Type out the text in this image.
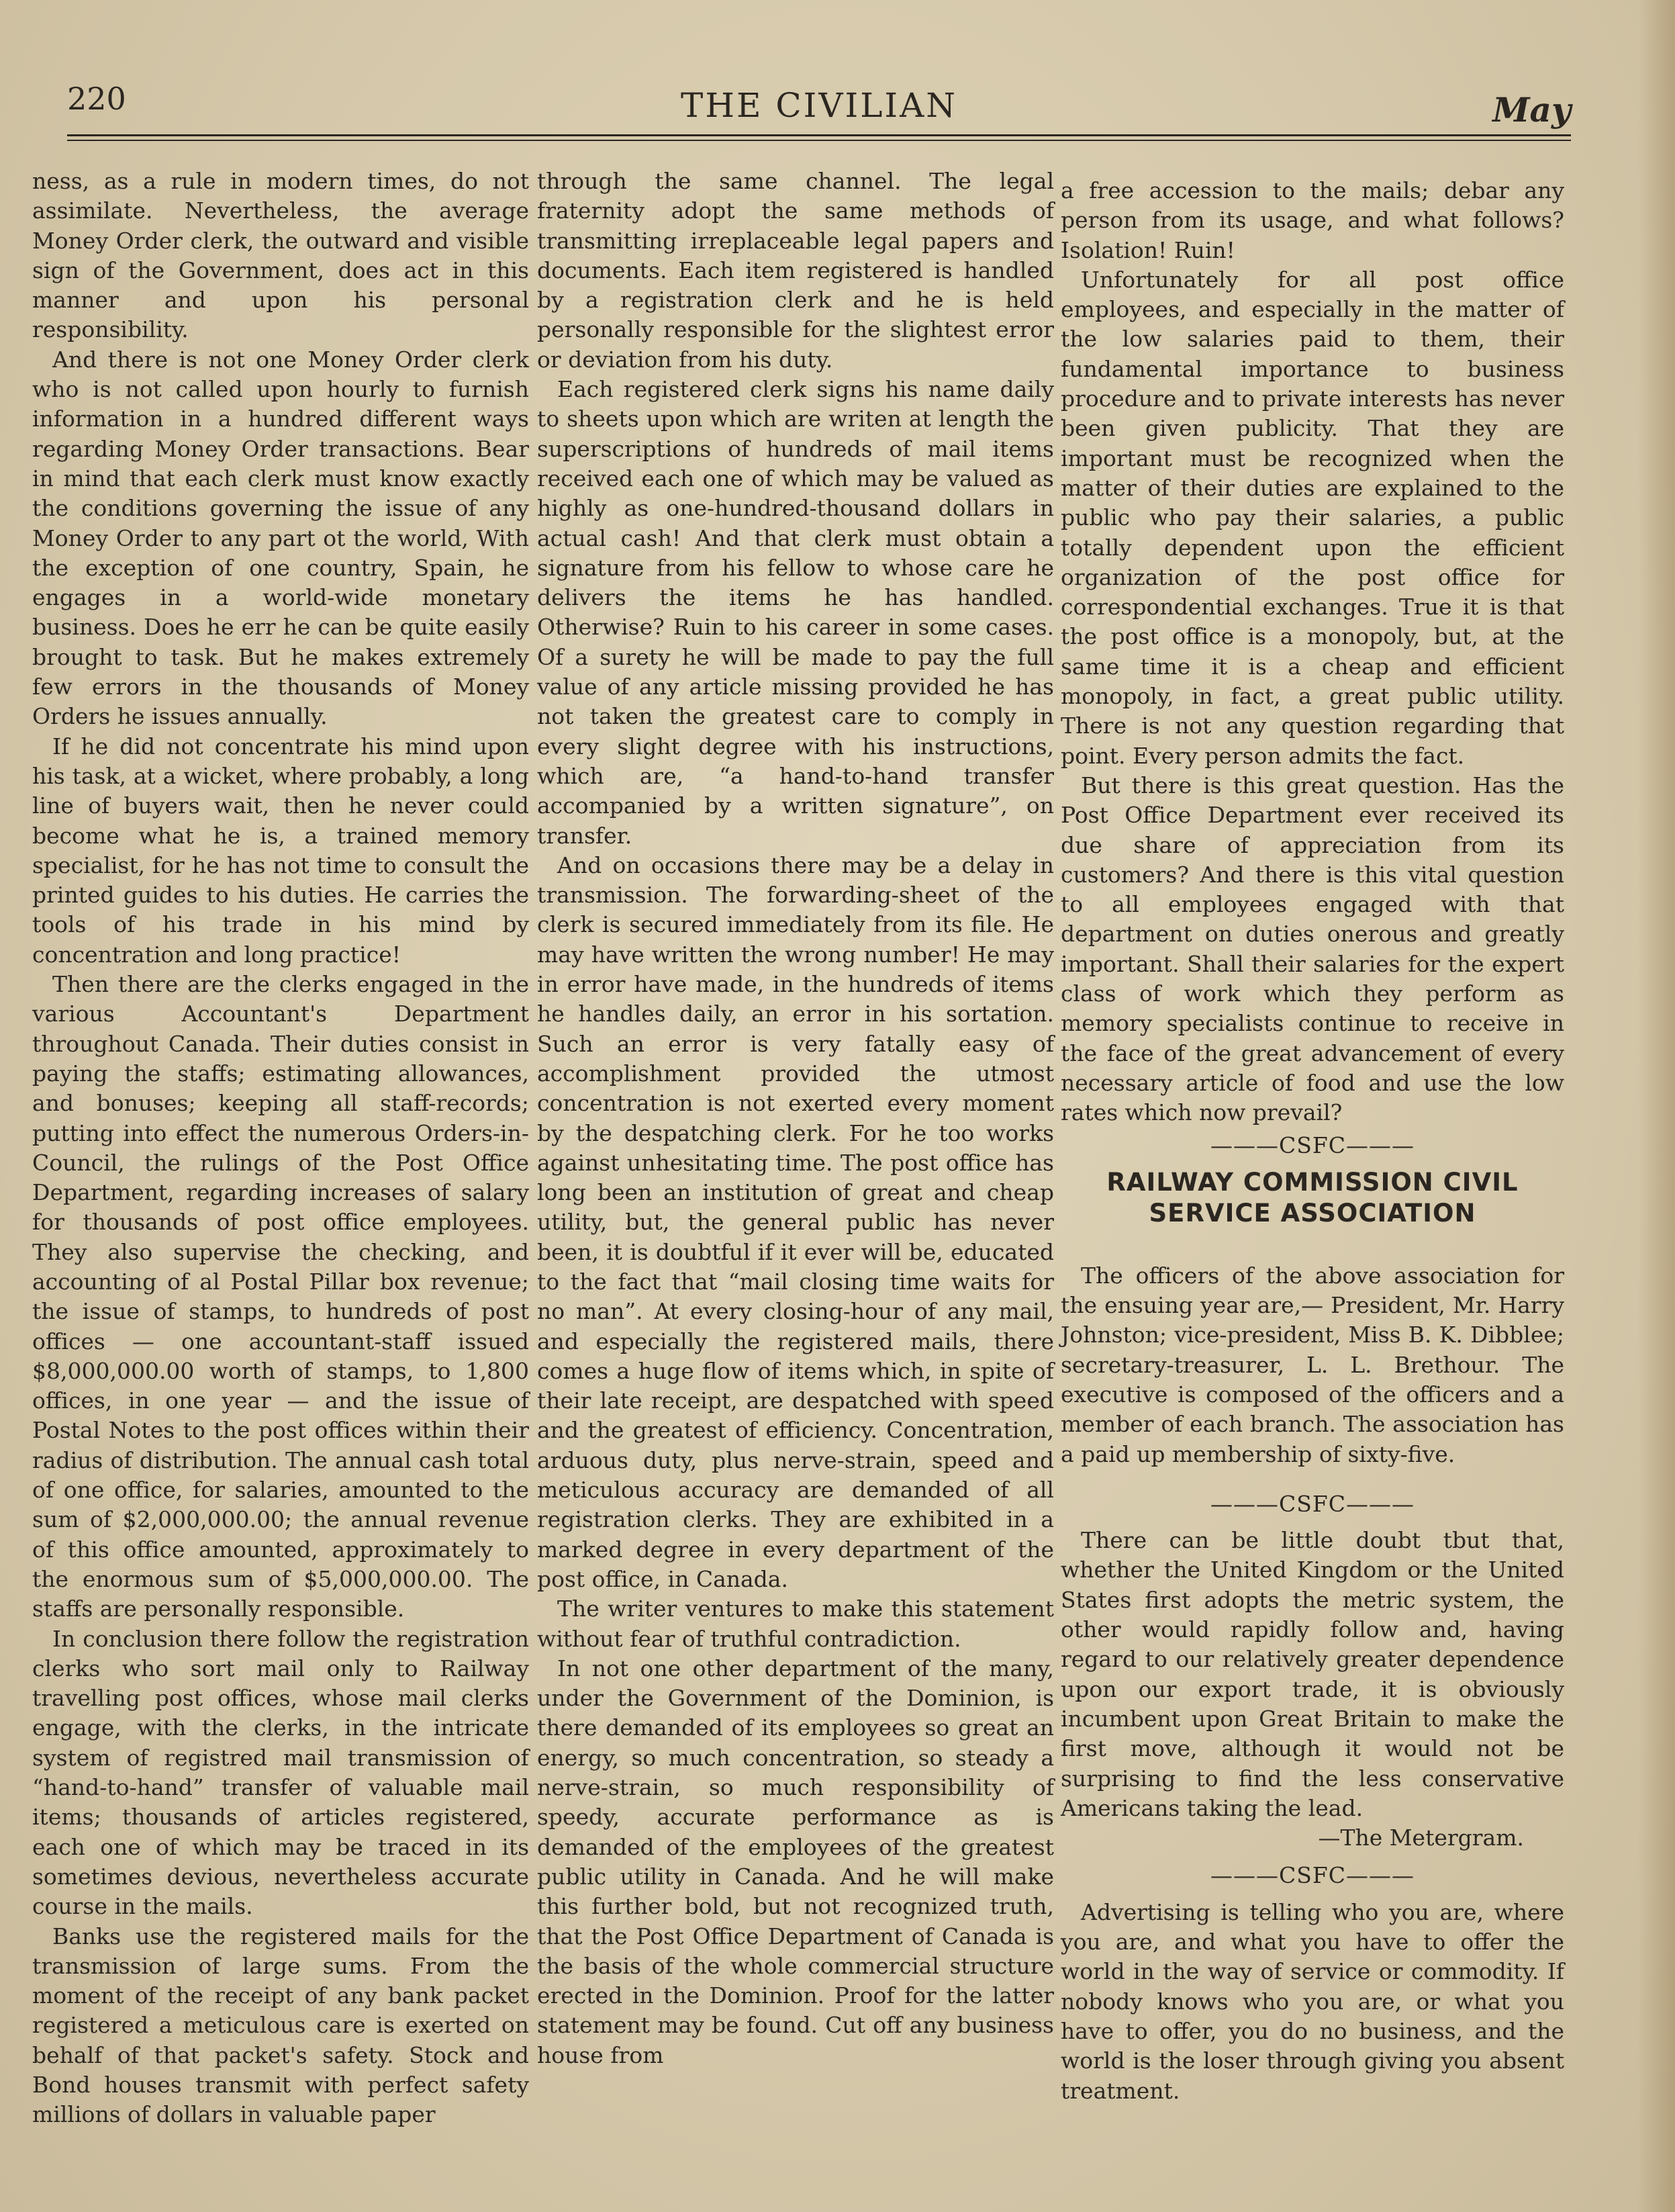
220	THE CIVILIAN	May

ness, as a rule in modern times, do not assimilate. Nevertheless, the average Money Order clerk, the outward and visible sign of the Government, does act in this manner and upon his personal responsibility.

And there is not one Money Order clerk who is not called upon hourly to furnish information in a hundred different ways regarding Money Order transactions. Bear in mind that each clerk must know exactly the conditions governing the issue of any Money Order to any part ot the world, With the exception of one country, Spain, he engages in a world-wide monetary business. Does he err he can be quite easily brought to task. But he makes extremely few errors in the thousands of Money Orders he issues annually.

If he did not concentrate his mind upon his task, at a wicket, where probably, a long line of buyers wait, then he never could become what he is, a trained memory specialist, for he has not time to consult the printed guides to his duties. He carries the tools of his trade in his mind by concentration and long practice!

Then there are the clerks engaged in the various Accountant's Department throughout Canada. Their duties consist in paying the staffs; estimating allowances, and bonuses; keeping all staff-records; putting into effect the numerous Orders-in-Council, the rulings of the Post Office Department, regarding increases of salary for thousands of post office employees. They also supervise the checking, and accounting of al Postal Pillar box revenue; the issue of stamps, to hundreds of post offices — one accountant-staff issued $8,000,000.00 worth of stamps, to 1,800 offices, in one year — and the issue of Postal Notes to the post offices within their radius of distribution. The annual cash total of one office, for salaries, amounted to the sum of $2,000,000.00; the annual revenue of this office amounted, approximately to the enormous sum of $5,000,000.00. The staffs are personally responsible.

In conclusion there follow the registration clerks who sort mail only to Railway travelling post offices, whose mail clerks engage, with the clerks, in the intricate system of registred mail transmission of “hand-to-hand” transfer of valuable mail items; thousands of articles registered, each one of which may be traced in its sometimes devious, nevertheless accurate course in the mails.

Banks use the registered mails for the transmission of large sums. From the moment of the receipt of any bank packet registered a meticulous care is exerted on behalf of that packet's safety. Stock and Bond houses transmit with perfect safety millions of dollars in valuable paper

through the same channel. The legal fraternity adopt the same methods of transmitting irreplaceable legal papers and documents. Each item registered is handled by a registration clerk and he is held personally responsible for the slightest error or deviation from his duty.

Each registered clerk signs his name daily to sheets upon which are writen at length the superscriptions of hundreds of mail items received each one of which may be valued as highly as one-hundred-thousand dollars in actual cash! And that clerk must obtain a signature from his fellow to whose care he delivers the items he has handled. Otherwise? Ruin to his career in some cases. Of a surety he will be made to pay the full value of any article missing provided he has not taken the greatest care to comply in every slight degree with his instructions, which are, “a hand-to-hand transfer accompanied by a written signature”, on transfer.

And on occasions there may be a delay in transmission. The forwarding-sheet of the clerk is secured immediately from its file. He may have written the wrong number! He may in error have made, in the hundreds of items he handles daily, an error in his sortation. Such an error is very fatally easy of accomplishment provided the utmost concentration is not exerted every moment by the despatching clerk. For he too works against unhesitating time. The post office has long been an institution of great and cheap utility, but, the general public has never been, it is doubtful if it ever will be, educated to the fact that “mail closing time waits for no man”. At every closing-hour of any mail, and especially the registered mails, there comes a huge flow of items which, in spite of their late receipt, are despatched with speed and the greatest of efficiency. Concentration, arduous duty, plus nerve-strain, speed and meticulous accuracy are demanded of all registration clerks. They are exhibited in a marked degree in every department of the post office, in Canada.

The writer ventures to make this statement without fear of truthful contradiction.

In not one other department of the many, under the Government of the Dominion, is there demanded of its employees so great an energy, so much concentration, so steady a nerve-strain, so much responsibility of speedy, accurate performance as is demanded of the employees of the greatest public utility in Canada. And he will make this further bold, but not recognized truth, that the Post Office Department of Canada is the basis of the whole commercial structure erected in the Dominion. Proof for the latter statement may be found. Cut off any business house from

a free accession to the mails; debar any person from its usage, and what follows? Isolation! Ruin!

Unfortunately for all post office employees, and especially in the matter of the low salaries paid to them, their fundamental importance to business procedure and to private interests has never been given publicity. That they are important must be recognized when the matter of their duties are explained to the public who pay their salaries, a public totally dependent upon the efficient organization of the post office for correspondential exchanges. True it is that the post office is a monopoly, but, at the same time it is a cheap and efficient monopoly, in fact, a great public utility. There is not any question regarding that point. Every person admits the fact.

But there is this great question. Has the Post Office Department ever received its due share of appreciation from its customers? And there is this vital question to all employees engaged with that department on duties onerous and greatly important. Shall their salaries for the expert class of work which they perform as memory specialists continue to receive in the face of the great advancement of every necessary article of food and use the low rates which now prevail?

———CSFC———
RAILWAY COMMISSION CIVIL
SERVICE ASSOCIATION

The officers of the above association for the ensuing year are,— President, Mr. Harry Johnston; vice-president, Miss B. K. Dibblee; secretary-treasurer, L. L. Brethour. The executive is composed of the officers and a member of each branch. The association has a paid up membership of sixty-five.

———CSFC———

There can be little doubt tbut that, whether the United Kingdom or the United States first adopts the metric system, the other would rapidly follow and, having regard to our relatively greater dependence upon our export trade, it is obviously incumbent upon Great Britain to make the first move, although it would not be surprising to find the less conservative Americans taking the lead.

—The Metergram.

———CSFC———

Advertising is telling who you are, where you are, and what you have to offer the world in the way of service or commodity. If nobody knows who you are, or what you have to offer, you do no business, and the world is the loser through giving you absent treatment.
